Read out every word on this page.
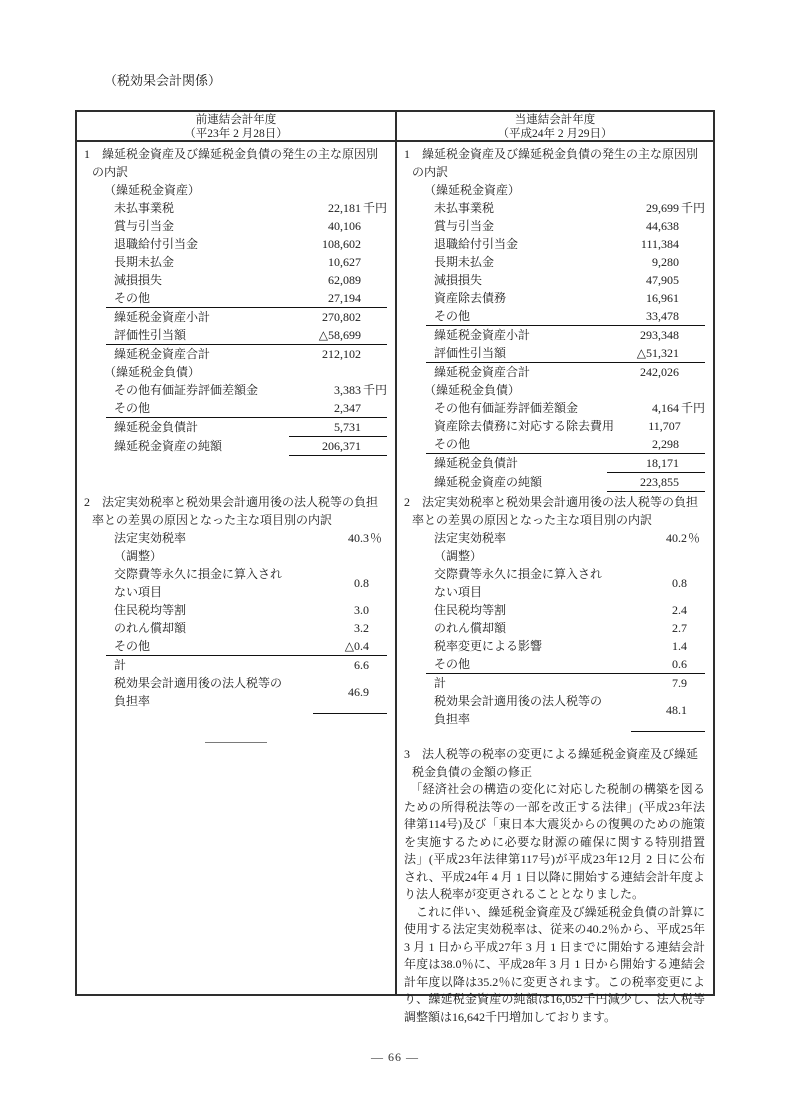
（税効果会計関係）
前連結会計年度
（平23年 2 月28日）
当連結会計年度
（平成24年 2 月29日）
1　繰延税金資産及び繰延税金負債の発生の主な原因別の内訳
（繰延税金資産）
未払事業税	22,181 千円
賞与引当金	40,106
退職給付引当金	108,602
長期未払金	10,627
減損損失	62,089
その他	27,194
繰延税金資産小計	270,802
評価性引当額	△58,699
繰延税金資産合計	212,102
（繰延税金負債）
その他有価証券評価差額金	3,383 千円
その他	2,347
繰延税金負債計	5,731
繰延税金資産の純額	206,371
2　法定実効税率と税効果会計適用後の法人税等の負担率との差異の原因となった主な項目別の内訳
法定実効税率	40.3 ％
（調整）
交際費等永久に損金に算入されない項目
0.8
住民税均等割	3.0
のれん償却額	3.2
その他	△0.4
計	6.6
税効果会計適用後の法人税等の負担率
46.9
1　繰延税金資産及び繰延税金負債の発生の主な原因別の内訳
（繰延税金資産）
未払事業税	29,699 千円
賞与引当金	44,638
退職給付引当金	111,384
長期未払金	9,280
減損損失	47,905
資産除去債務	16,961
その他	33,478
繰延税金資産小計	293,348
評価性引当額	△51,321
繰延税金資産合計	242,026
（繰延税金負債）
その他有価証券評価差額金	4,164 千円
資産除去債務に対応する除去費用	11,707
その他	2,298
繰延税金負債計	18,171
繰延税金資産の純額	223,855
2　法定実効税率と税効果会計適用後の法人税等の負担率との差異の原因となった主な項目別の内訳
法定実効税率	40.2 ％
（調整）
交際費等永久に損金に算入されない項目
0.8
住民税均等割	2.4
のれん償却額	2.7
税率変更による影響	1.4
その他	0.6
計	7.9
税効果会計適用後の法人税等の負担率
48.1
3　法人税等の税率の変更による繰延税金資産及び繰延税金負債の金額の修正

　「経済社会の構造の変化に対応した税制の構築を図るための所得税法等の一部を改正する法律」(平成23年法律第114号)及び「東日本大震災からの復興のための施策を実施するために必要な財源の確保に関する特別措置法」(平成23年法律第117号)が平成23年12月 2 日に公布され、平成24年 4 月 1 日以降に開始する連結会計年度より法人税率が変更されることとなりました。

　これに伴い、繰延税金資産及び繰延税金負債の計算に使用する法定実効税率は、従来の40.2％から、平成25年 3 月 1 日から平成27年 3 月 1 日までに開始する連結会計年度は38.0％に、平成28年 3 月 1 日から開始する連結会計年度以降は35.2％に変更されます。この税率変更により、繰延税金資産の純額は16,052千円減少し、法人税等調整額は16,642千円増加しております。

― 66 ―
